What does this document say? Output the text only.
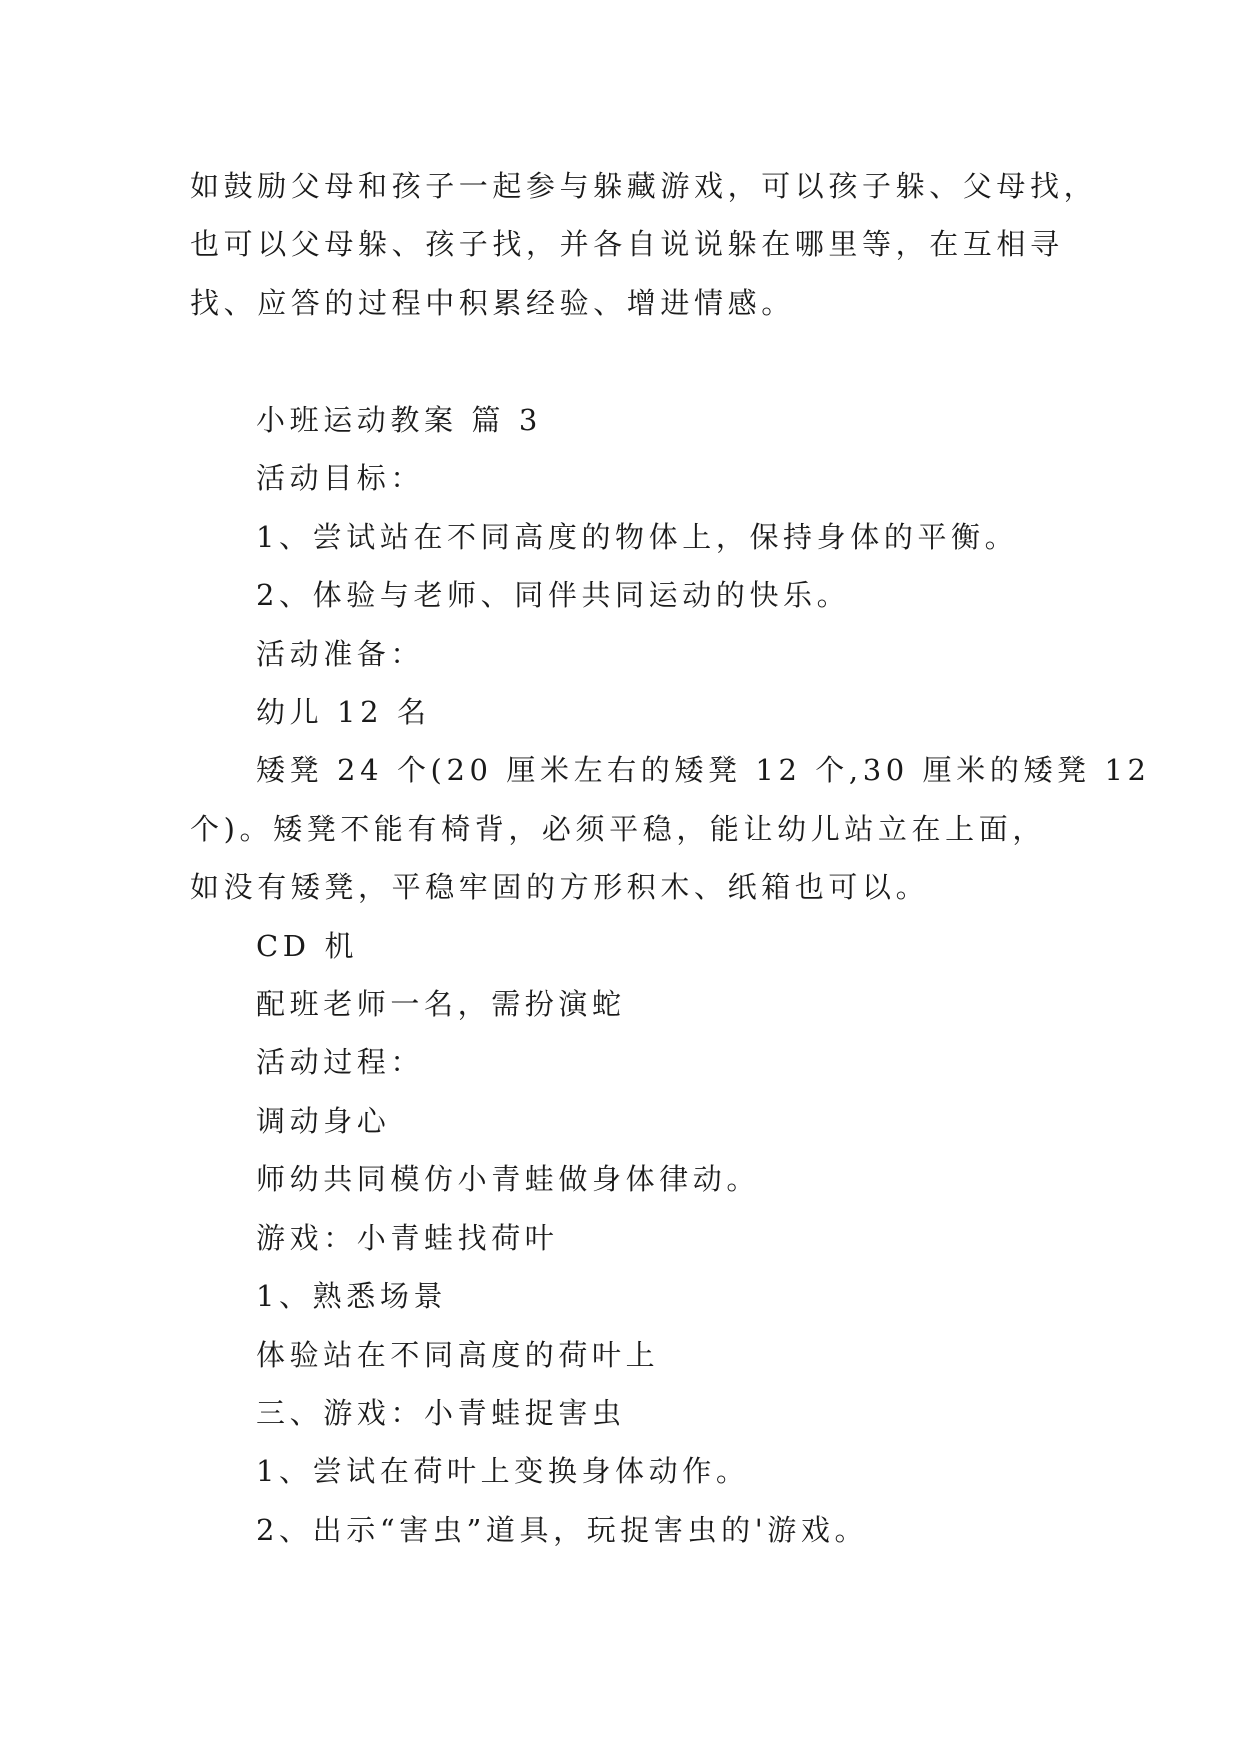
如鼓励父母和孩子一起参与躲藏游戏，可以孩子躲、父母找，
也可以父母躲、孩子找，并各自说说躲在哪里等，在互相寻
找、应答的过程中积累经验、增进情感。
小班运动教案 篇 3
活动目标：
1、尝试站在不同高度的物体上，保持身体的平衡。
2、体验与老师、同伴共同运动的快乐。
活动准备：
幼儿 12 名
矮凳 24 个(20 厘米左右的矮凳 12 个,30 厘米的矮凳 12
个)。矮凳不能有椅背，必须平稳，能让幼儿站立在上面，
如没有矮凳，平稳牢固的方形积木、纸箱也可以。
CD 机
配班老师一名，需扮演蛇
活动过程：
调动身心
师幼共同模仿小青蛙做身体律动。
游戏：小青蛙找荷叶
1、熟悉场景
体验站在不同高度的荷叶上
三、游戏：小青蛙捉害虫
1、尝试在荷叶上变换身体动作。
2、出示“害虫”道具，玩捉害虫的'游戏。
